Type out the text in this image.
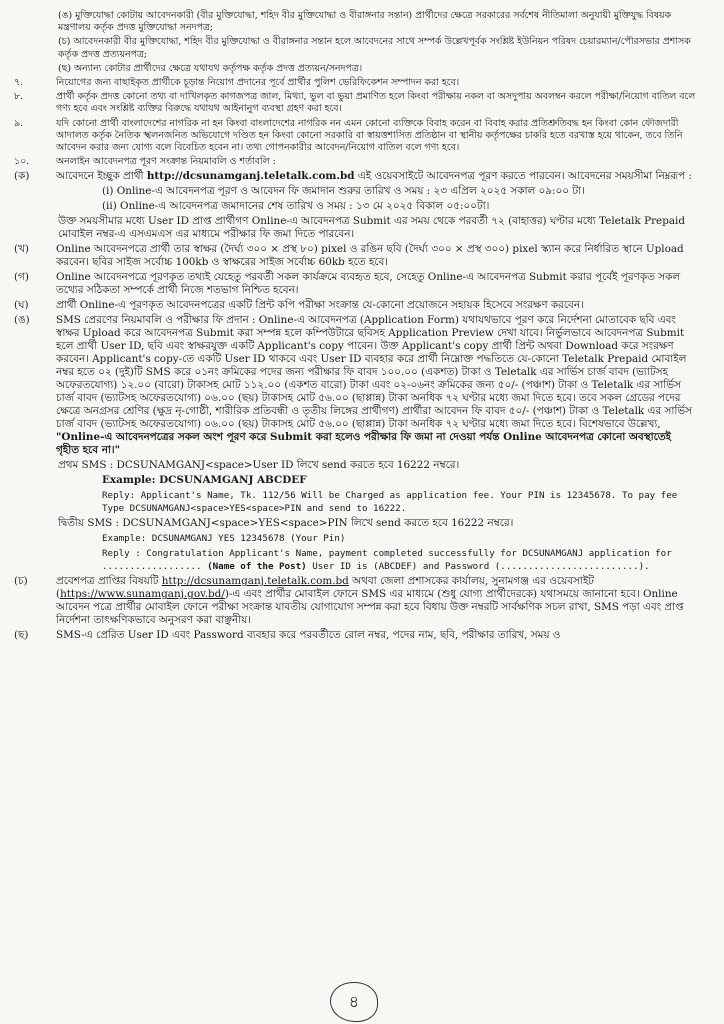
(ঙ) মুক্তিযোদ্ধা কোটায় আবেদনকারী (বীর মুক্তিযোদ্ধা, শহিদ বীর মুক্তিযোদ্ধা ও বীরাঙ্গনার সন্তান) প্রার্থীদের ক্ষেত্রে সরকারের সর্বশেষ নীতিমালা অনুযায়ী মুক্তিযুদ্ধ বিষয়ক মন্ত্রণালয় কর্তৃক প্রদত্ত মুক্তিযোদ্ধা সনদপত্র;
(চ) আবেদনকারী বীর মুক্তিযোদ্ধা, শহিদ বীর মুক্তিযোদ্ধা ও বীরাঙ্গনার সন্তান হলে আবেদনের সাথে সম্পর্ক উল্লেখপূর্বক সংশ্লিষ্ট ইউনিয়ন পরিষদ চেয়ারম্যান/পৌরসভার প্রশাসক কর্তৃক প্রদত্ত প্রত্যয়নপত্র;
(ছ) অন্যান্য কোটার প্রার্থীদের ক্ষেত্রে যথাযথ কর্তৃপক্ষ কর্তৃক প্রদত্ত প্রত্যয়ন/সনদপত্র।
৭.	নিয়োগের জন্য বাছাইকৃত প্রার্থীকে চূড়ান্ত নিয়োগ প্রদানের পূর্বে প্রার্থীর পুলিশ ভেরিফিকেশন সম্পাদন করা হবে।
৮.	প্রার্থী কর্তৃক প্রদত্ত কোনো তথ্য বা দাখিলকৃত কাগজপত্র জাল, মিথ্যা, ভুল বা ভুয়া প্রমাণিত হলে কিংবা পরীক্ষায় নকল বা অসদুপায় অবলম্বন করলে পরীক্ষা/নিয়োগ বাতিল বলে গণ্য হবে এবং সংশ্লিষ্ট ব্যক্তির বিরুদ্ধে যথাযথ আইনানুগ ব্যবস্থা গ্রহণ করা হবে।
৯.	যদি কোনো প্রার্থী বাংলাদেশের নাগরিক না হন কিংবা বাংলাদেশের নাগরিক নন এমন কোনো ব্যক্তিকে বিবাহ করেন বা বিবাহ করার প্রতিশ্রুতিবদ্ধ হন কিংবা কোন ফৌজদারী আদালত কর্তৃক নৈতিক স্খলনজনিত অভিযোগে দণ্ডিত হন কিংবা কোনো সরকারি বা স্বায়ত্তশাসিত প্রতিষ্ঠান বা স্থানীয় কর্তৃপক্ষের চাকরি হতে বরখাস্ত হয়ে থাকেন, তবে তিনি আবেদন করার জন্য যোগ্য বলে বিবেচিত হবেন না। তথ্য গোপনকারীর আবেদন/নিয়োগ বাতিল বলে গণ্য হবে।
১০.	অনলাইন আবেদনপত্র পূরণ সংক্রান্ত নিয়মাবলি ও শর্তাবলি :
(ক)	আবেদনে ইচ্ছুক প্রার্থী http://dcsunamganj.teletalk.com.bd এই ওয়েবসাইটে আবেদনপত্র পূরণ করতে পারবেন। আবেদনের সময়সীমা নিম্নরূপ :
(i) Online-এ আবেদনপত্র পূরণ ও আবেদন ফি জমাদান শুরুর তারিখ ও সময় : ২৩ এপ্রিল ২০২৫ সকাল ০৯:০০ টা।
(ii) Online-এ আবেদনপত্র জমাদানের শেষ তারিখ ও সময় : ১৩ মে ২০২৫ বিকাল ০৫:০০টা।
উক্ত সময়সীমার মধ্যে User ID প্রাপ্ত প্রার্থীগণ Online-এ আবেদনপত্র Submit এর সময় থেকে পরবর্তী ৭২ (বাহাত্তর) ঘণ্টার মধ্যে Teletalk Prepaid মোবাইল নম্বর-এ এসএমএস এর মাধ্যমে পরীক্ষার ফি জমা দিতে পারবেন।
(খ)	Online আবেদনপত্রে প্রার্থী তার স্বাক্ষর (দৈর্ঘ্য ৩০০ × প্রস্থ ৮০) pixel ও রঙিন ছবি (দৈর্ঘ্য ৩০০ × প্রস্থ ৩০০) pixel স্ক্যান করে নির্ধারিত স্থানে Upload করবেন। ছবির সাইজ সর্বোচ্চ 100kb ও স্বাক্ষরের সাইজ সর্বোচ্চ 60kb হতে হবে।
(গ)	Online আবেদনপত্রে পূরণকৃত তথ্যই যেহেতু পরবর্তী সকল কার্যক্রমে ব্যবহৃত হবে, সেহেতু Online-এ আবেদনপত্র Submit করার পূর্বেই পূরণকৃত সকল তথ্যের সঠিকতা সম্পর্কে প্রার্থী নিজে শতভাগ নিশ্চিত হবেন।
(ঘ)	প্রার্থী Online-এ পূরণকৃত আবেদনপত্রের একটি প্রিন্ট কপি পরীক্ষা সংক্রান্ত যে-কোনো প্রয়োজনে সহায়ক হিসেবে সংরক্ষণ করবেন।
(ঙ)	SMS প্রেরণের নিয়মাবলি ও পরীক্ষার ফি প্রদান : Online-এ আবেদনপত্র (Application Form) যথাযথভাবে পূরণ করে নির্দেশনা মোতাবেক ছবি এবং স্বাক্ষর Upload করে আবেদনপত্র Submit করা সম্পন্ন হলে কম্পিউটারে ছবিসহ Application Preview দেখা যাবে। নির্ভুলভাবে আবেদনপত্র Submit হলে প্রার্থী User ID, ছবি এবং স্বাক্ষরযুক্ত একটি Applicant's copy পাবেন। উক্ত Applicant's copy প্রার্থী প্রিন্ট অথবা Download করে সংরক্ষণ করবেন। Applicant's copy-তে একটি User ID থাকবে এবং User ID ব্যবহার করে প্রার্থী নিম্নোক্ত পদ্ধতিতে যে-কোনো Teletalk Prepaid মোবাইল নম্বর হতে ০২ (দুই)টি SMS করে ০১নং ক্রমিকের পদের জন্য পরীক্ষার ফি বাবদ ১০০.০০ (একশত) টাকা ও Teletalk এর সার্ভিস চার্জ বাবদ (ভ্যাটসহ অফেরতযোগ্য) ১২.০০ (বারো) টাকাসহ মোট ১১২.০০ (একশত বারো) টাকা এবং ০২-০৬নং ক্রমিকের জন্য ৫০/- (পঞ্চাশ) টাকা ও Teletalk এর সার্ভিস চার্জ বাবদ (ভ্যাটসহ অফেরতযোগ্য) ০৬.০০ (ছয়) টাকাসহ মোট ৫৬.০০ (ছাপ্পান্ন) টাকা অনধিক ৭২ ঘণ্টার মধ্যে জমা দিতে হবে। তবে সকল গ্রেডের পদের ক্ষেত্রে অনগ্রসর শ্রেণির (ক্ষুদ্র নৃ-গোষ্ঠী, শারীরিক প্রতিবন্ধী ও তৃতীয় লিঙ্গের প্রার্থীগণ) প্রার্থীরা আবেদন ফি বাবদ ৫০/- (পঞ্চাশ) টাকা ও Teletalk এর সার্ভিস চার্জ বাবদ (ভ্যাটসহ অফেরতযোগ্য) ০৬.০০ (ছয়) টাকাসহ মোট ৫৬.০০ (ছাপ্পান্ন) টাকা অনধিক ৭২ ঘণ্টার মধ্যে জমা দিতে হবে। বিশেষভাবে উল্লেখ্য, "Online-এ আবেদনপত্রের সকল অংশ পূরণ করে Submit করা হলেও পরীক্ষার ফি জমা না দেওয়া পর্যন্ত Online আবেদনপত্র কোনো অবস্থাতেই গৃহীত হবে না।"
প্রথম SMS : DCSUNAMGANJ<space>User ID লিখে send করতে হবে 16222 নম্বরে।
Example: DCSUNAMGANJ ABCDEF
Reply: Applicant's Name, Tk. 112/56 Will be Charged as application fee. Your PIN is 12345678. To pay fee Type DCSUNAMGANJ<space>YES<space>PIN and send to 16222.
দ্বিতীয় SMS : DCSUNAMGANJ<space>YES<space>PIN লিখে send করতে হবে 16222 নম্বরে।
Example: DCSUNAMGANJ YES 12345678 (Your Pin)
Reply : Congratulation Applicant's Name, payment completed successfully for DCSUNAMGANJ application for .................. (Name of the Post) User ID is (ABCDEF) and Password (.........................).
(চ)	প্রবেশপত্র প্রাপ্তির বিষয়টি http://dcsunamganj.teletalk.com.bd অথবা জেলা প্রশাসকের কার্যালয়, সুনামগঞ্জ এর ওয়েবসাইট (https://www.sunamganj.gov.bd/)-এ এবং প্রার্থীর মোবাইল ফোনে SMS এর মাধ্যমে (শুধু যোগ্য প্রার্থীদেরকে) যথাসময়ে জানানো হবে। Online আবেদন পত্রে প্রার্থীর মোবাইল ফোনে পরীক্ষা সংক্রান্ত যাবতীয় যোগাযোগ সম্পন্ন করা হবে বিধায় উক্ত নম্বরটি সার্বক্ষণিক সচল রাখা, SMS পড়া এবং প্রাপ্ত নির্দেশনা তাৎক্ষণিকভাবে অনুসরণ করা বাঞ্ছনীয়।
(ছ)	SMS-এ প্রেরিত User ID এবং Password ব্যবহার করে পরবর্তীতে রোল নম্বর, পদের নাম, ছবি, পরীক্ষার তারিখ, সময় ও
৪
